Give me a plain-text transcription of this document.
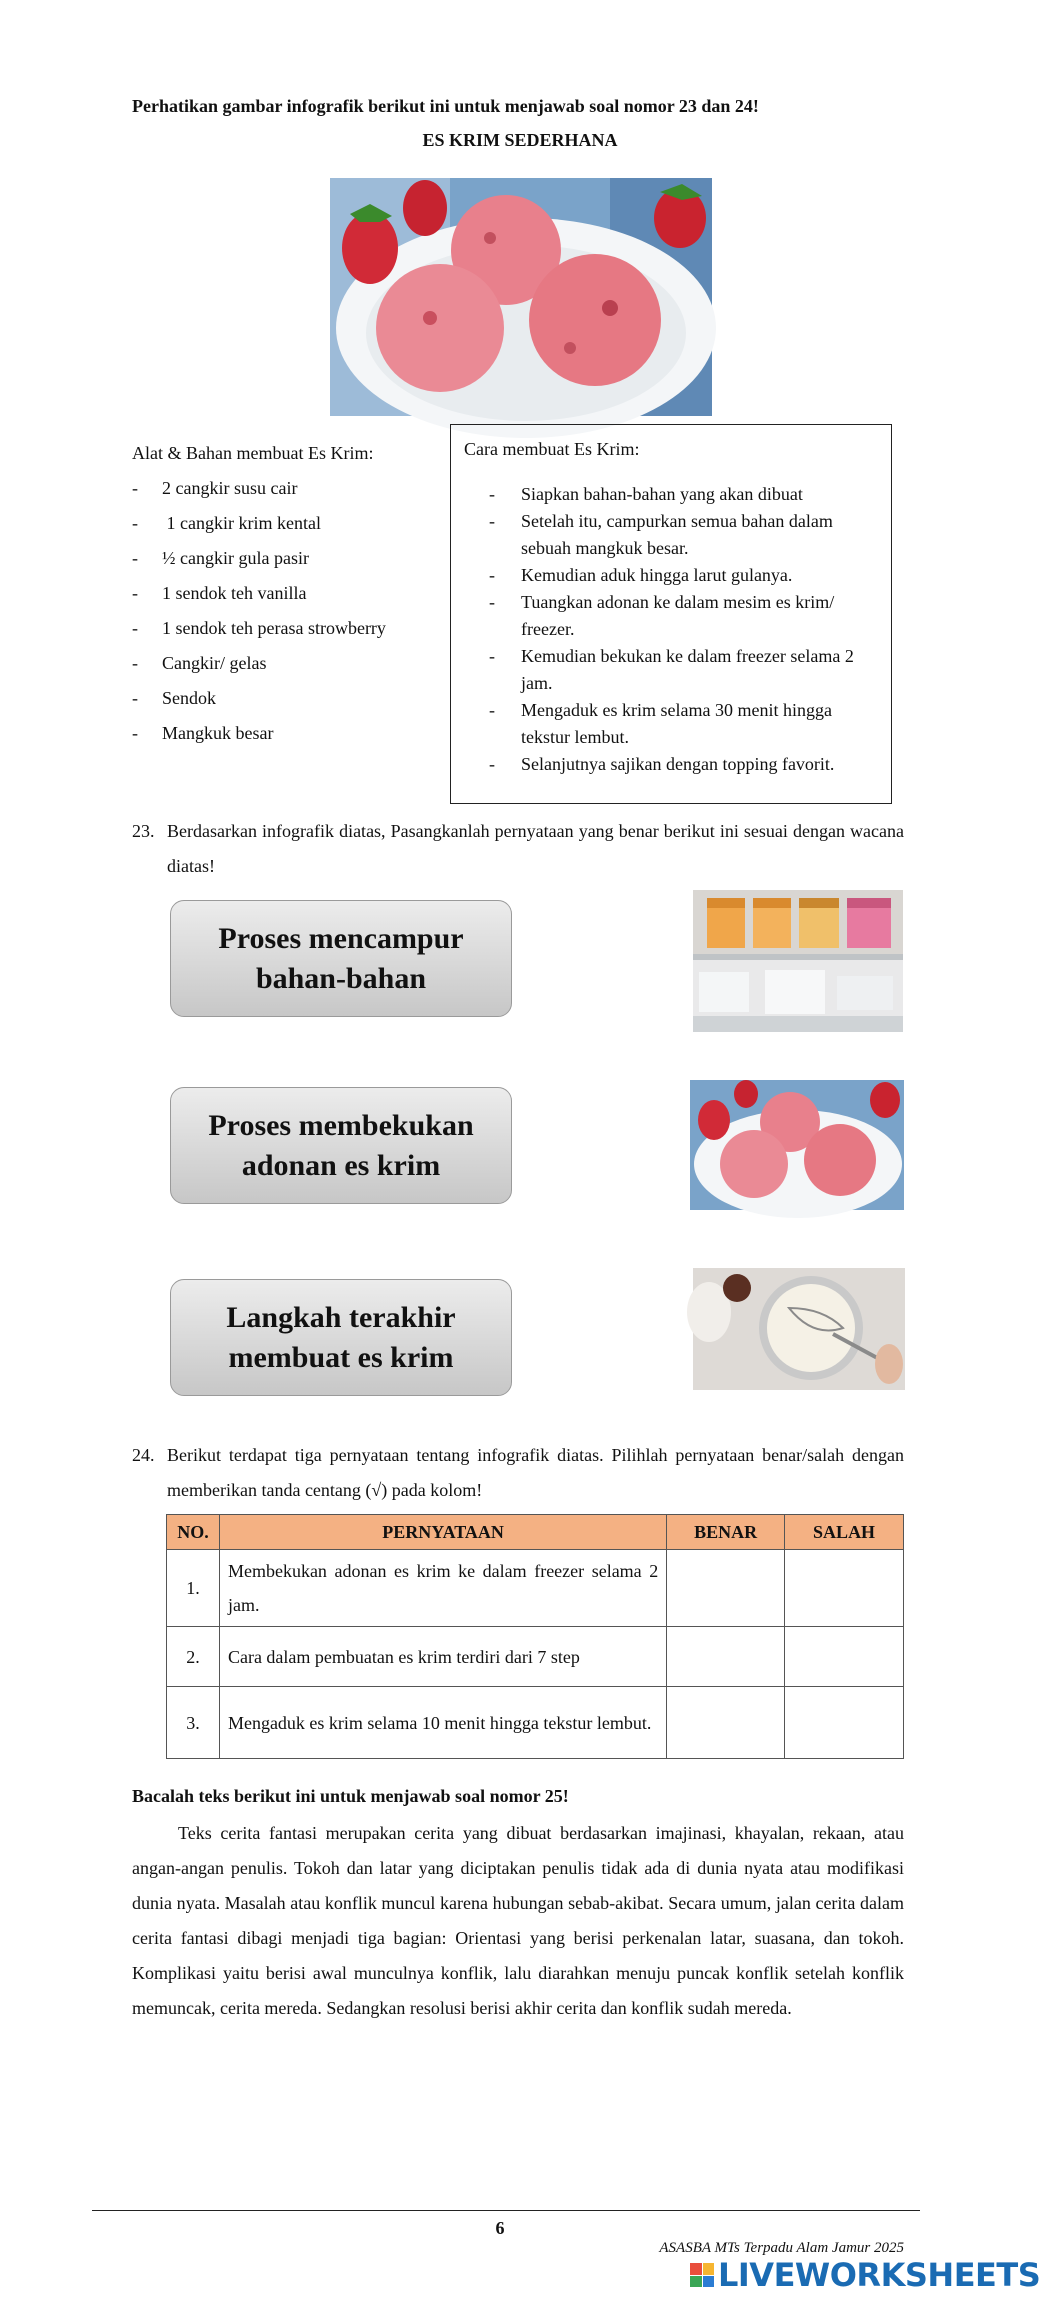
Perhatikan gambar infografik berikut ini untuk menjawab soal nomor 23 dan 24!
ES KRIM SEDERHANA
Alat & Bahan membuat Es Krim:
-	2 cangkir susu cair
-	1 cangkir krim kental
-	½ cangkir gula pasir
-	1 sendok teh vanilla
-	1 sendok teh perasa strowberry
-	Cangkir/ gelas
-	Sendok
-	Mangkuk besar
Cara membuat Es Krim:
-	Siapkan bahan-bahan yang akan dibuat
-	Setelah itu, campurkan semua bahan dalam sebuah mangkuk besar.
-	Kemudian aduk hingga larut gulanya.
-	Tuangkan adonan ke dalam mesim es krim/ freezer.
-	Kemudian bekukan ke dalam freezer selama 2 jam.
-	Mengaduk es krim selama 30 menit hingga tekstur lembut.
-	Selanjutnya sajikan dengan topping favorit.
23. Berdasarkan infografik diatas, Pasangkanlah pernyataan yang benar berikut ini sesuai dengan wacana diatas!
Proses mencampur bahan-bahan
Proses membekukan adonan es krim
Langkah terakhir membuat es krim
24. Berikut terdapat tiga pernyataan tentang infografik diatas. Pilihlah pernyataan benar/salah dengan memberikan tanda centang (√) pada kolom!
NO.	PERNYATAAN	BENAR	SALAH
1.	Membekukan adonan es krim ke dalam freezer selama 2 jam.		
2.	Cara dalam pembuatan es krim terdiri dari 7 step		
3.	Mengaduk es krim selama 10 menit hingga tekstur lembut.		
Bacalah teks berikut ini untuk menjawab soal nomor 25!
Teks cerita fantasi merupakan cerita yang dibuat berdasarkan imajinasi, khayalan, rekaan, atau angan-angan penulis. Tokoh dan latar yang diciptakan penulis tidak ada di dunia nyata atau modifikasi dunia nyata. Masalah atau konflik muncul karena hubungan sebab-akibat. Secara umum, jalan cerita dalam cerita fantasi dibagi menjadi tiga bagian: Orientasi yang berisi perkenalan latar, suasana, dan tokoh. Komplikasi yaitu berisi awal munculnya konflik, lalu diarahkan menuju puncak konflik setelah konflik memuncak, cerita mereda. Sedangkan resolusi berisi akhir cerita dan konflik sudah mereda.
6
ASASBA MTs Terpadu Alam Jamur 2025
LIVEWORKSHEETS
